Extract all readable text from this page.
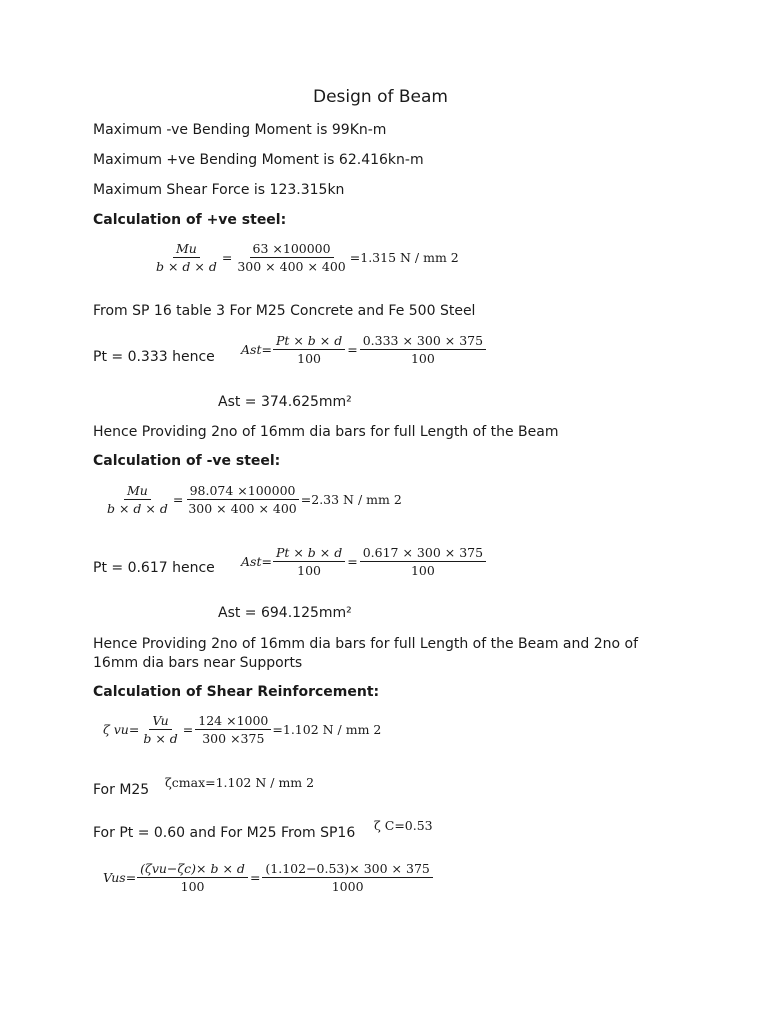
Design of Beam
Maximum -ve Bending Moment is 99Kn-m
Maximum +ve Bending Moment is 62.416kn-m
Maximum Shear Force is 123.315kn
Calculation of +ve steel:
$\frac{Mu}{b \times d \times d} = \frac{63 \times 100000}{300 \times 400 \times 400} =1.315$ N / mm 2
From SP 16 table 3 For M25 Concrete and Fe 500 Steel
Pt = 0.333 hence $Ast= \frac{Pt \times b \times d}{100} = \frac{0.333 \times 300 \times 375}{100}$
Ast = 374.625mm²
Hence Providing 2no of 16mm dia bars for full Length of the Beam
Calculation of -ve steel:
$\frac{Mu}{b \times d \times d} = \frac{98.074 \times 100000}{300 \times 400 \times 400} =2.33$ N / mm 2
Pt = 0.617 hence $Ast= \frac{Pt \times b \times d}{100} = \frac{0.617 \times 300 \times 375}{100}$
Ast = 694.125mm²
Hence Providing 2no of 16mm dia bars for full Length of the Beam and 2no of
16mm dia bars near Supports
Calculation of Shear Reinforcement:
ζ $vu= \frac{Vu}{b \times d} = \frac{124 \times 1000}{300 \times 375} =1.102$ N / mm 2
For M25 ζcmax=1.102 N / mm 2
For Pt = 0.60 and For M25 From SP16 ζ C=0.53
$Vus= \frac{\text{(ζvu−ζc)× b × d}}{100} = \frac{(1.102-0.53)\times 300 \times 375}{1000}$
